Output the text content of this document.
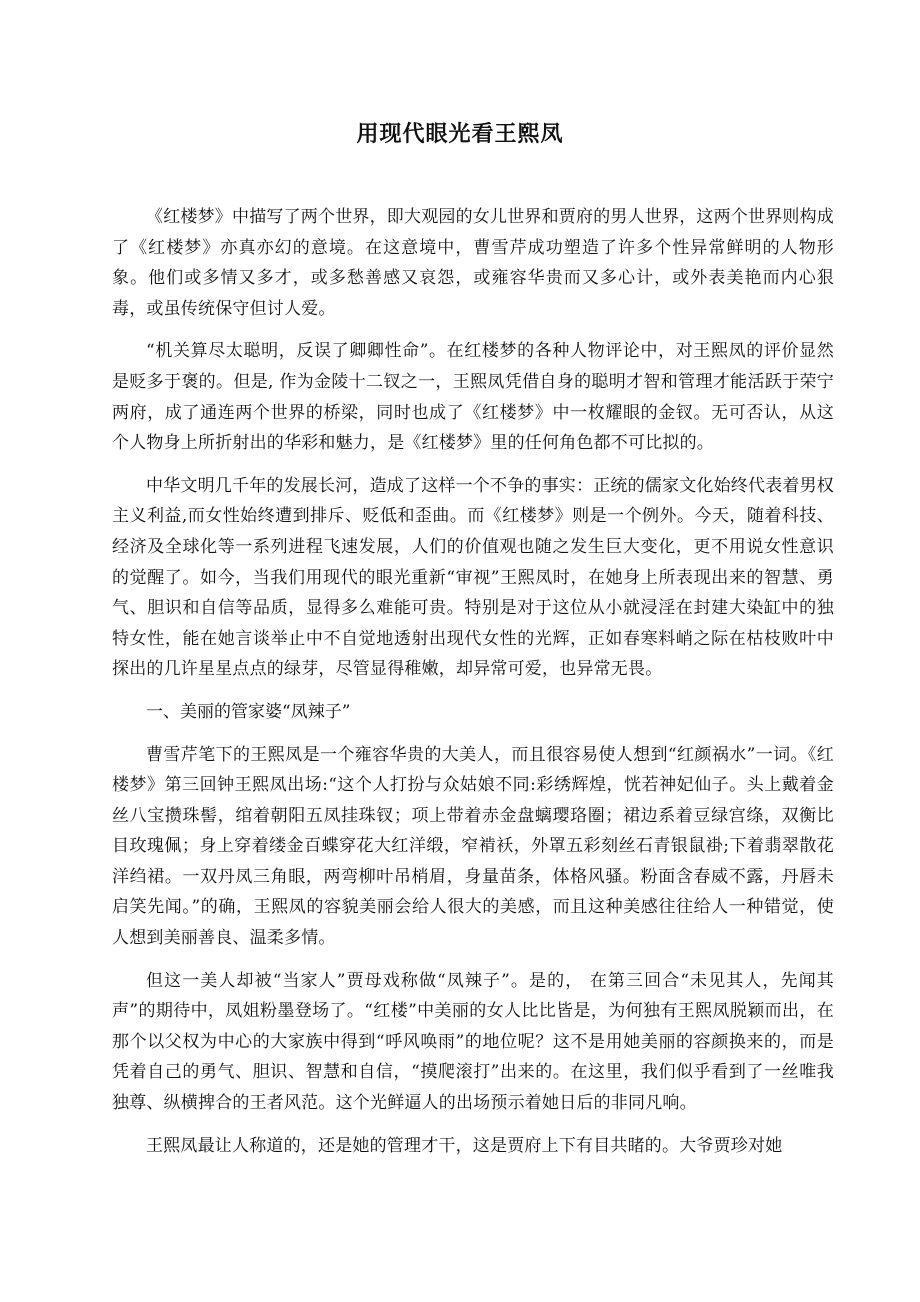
用现代眼光看王熙凤

《红楼梦》中描写了两个世界，即大观园的女儿世界和贾府的男人世界，这两个世界则构成了《红楼梦》亦真亦幻的意境。在这意境中，曹雪芹成功塑造了许多个性异常鲜明的人物形象。他们或多情又多才，或多愁善感又哀怨，或雍容华贵而又多心计，或外表美艳而内心狠毒，或虽传统保守但讨人爱。

“机关算尽太聪明，反误了卿卿性命”。在红楼梦的各种人物评论中，对王熙凤的评价显然是贬多于褒的。但是, 作为金陵十二钗之一，王熙凤凭借自身的聪明才智和管理才能活跃于荣宁两府，成了通连两个世界的桥梁，同时也成了《红楼梦》中一枚耀眼的金钗。无可否认，从这个人物身上所折射出的华彩和魅力，是《红楼梦》里的任何角色都不可比拟的。

中华文明几千年的发展长河，造成了这样一个不争的事实：正统的儒家文化始终代表着男权主义利益,而女性始终遭到排斥、贬低和歪曲。而《红楼梦》则是一个例外。今天，随着科技、经济及全球化等一系列进程飞速发展，人们的价值观也随之发生巨大变化，更不用说女性意识的觉醒了。如今，当我们用现代的眼光重新“审视”王熙凤时，在她身上所表现出来的智慧、勇气、胆识和自信等品质，显得多么难能可贵。特别是对于这位从小就浸淫在封建大染缸中的独特女性，能在她言谈举止中不自觉地透射出现代女性的光辉，正如春寒料峭之际在枯枝败叶中探出的几许星星点点的绿芽，尽管显得稚嫩，却异常可爱，也异常无畏。

一、美丽的管家婆“凤辣子”

曹雪芹笔下的王熙凤是一个雍容华贵的大美人，而且很容易使人想到“红颜祸水”一词。《红楼梦》第三回钟王熙凤出场:“这个人打扮与众姑娘不同:彩绣辉煌，恍若神妃仙子。头上戴着金丝八宝攒珠髻，绾着朝阳五凤挂珠钗；项上带着赤金盘螭璎珞圈；裙边系着豆绿宫绦，双衡比目玫瑰佩；身上穿着缕金百蝶穿花大红洋缎，窄褃袄，外罩五彩刻丝石青银鼠褂;下着翡翠散花洋绉裙。一双丹凤三角眼，两弯柳叶吊梢眉，身量苗条，体格风骚。粉面含春威不露，丹唇未启笑先闻。”的确，王熙凤的容貌美丽会给人很大的美感，而且这种美感往往给人一种错觉，使人想到美丽善良、温柔多情。

但这一美人却被“当家人”贾母戏称做“凤辣子”。是的， 在第三回合“未见其人，先闻其声”的期待中，凤姐粉墨登场了。“红楼”中美丽的女人比比皆是，为何独有王熙凤脱颖而出，在那个以父权为中心的大家族中得到“呼风唤雨”的地位呢？这不是用她美丽的容颜换来的，而是凭着自己的勇气、胆识、智慧和自信，“摸爬滚打”出来的。在这里，我们似乎看到了一丝唯我独尊、纵横捭合的王者风范。这个光鲜逼人的出场预示着她日后的非同凡响。

王熙凤最让人称道的，还是她的管理才干，这是贾府上下有目共睹的。大爷贾珍对她
